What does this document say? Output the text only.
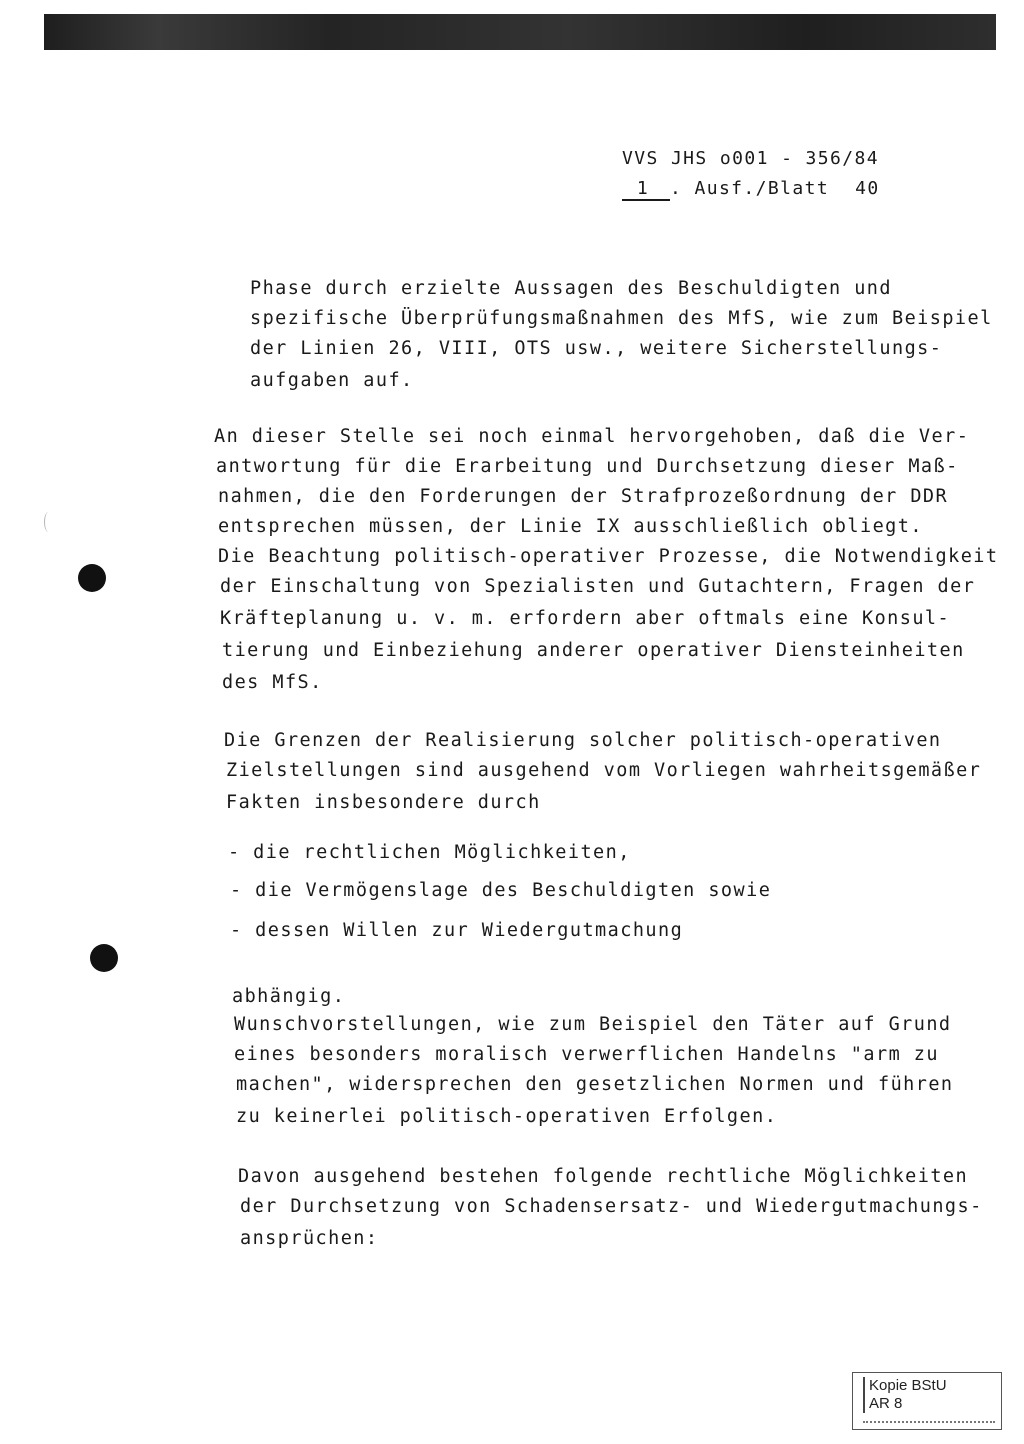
VVS JHS o001 - 356/84
1 . Ausf./Blatt 40
Phase durch erzielte Aussagen des Beschuldigten und
spezifische Überprüfungsmaßnahmen des MfS, wie zum Beispiel
der Linien 26, VIII, OTS usw., weitere Sicherstellungs-
aufgaben auf.
An dieser Stelle sei noch einmal hervorgehoben, daß die Ver-
antwortung für die Erarbeitung und Durchsetzung dieser Maß-
nahmen, die den Forderungen der Strafprozeßordnung der DDR
entsprechen müssen, der Linie IX ausschließlich obliegt.
Die Beachtung politisch-operativer Prozesse, die Notwendigkeit
der Einschaltung von Spezialisten und Gutachtern, Fragen der
Kräfteplanung u. v. m. erfordern aber oftmals eine Konsul-
tierung und Einbeziehung anderer operativer Diensteinheiten
des MfS.
Die Grenzen der Realisierung solcher politisch-operativen
Zielstellungen sind ausgehend vom Vorliegen wahrheitsgemäßer
Fakten insbesondere durch
- die rechtlichen Möglichkeiten,
- die Vermögenslage des Beschuldigten sowie
- dessen Willen zur Wiedergutmachung
abhängig.
Wunschvorstellungen, wie zum Beispiel den Täter auf Grund
eines besonders moralisch verwerflichen Handelns "arm zu
machen", widersprechen den gesetzlichen Normen und führen
zu keinerlei politisch-operativen Erfolgen.
Davon ausgehend bestehen folgende rechtliche Möglichkeiten
der Durchsetzung von Schadensersatz- und Wiedergutmachungs-
ansprüchen:
Kopie BStU
AR 8
